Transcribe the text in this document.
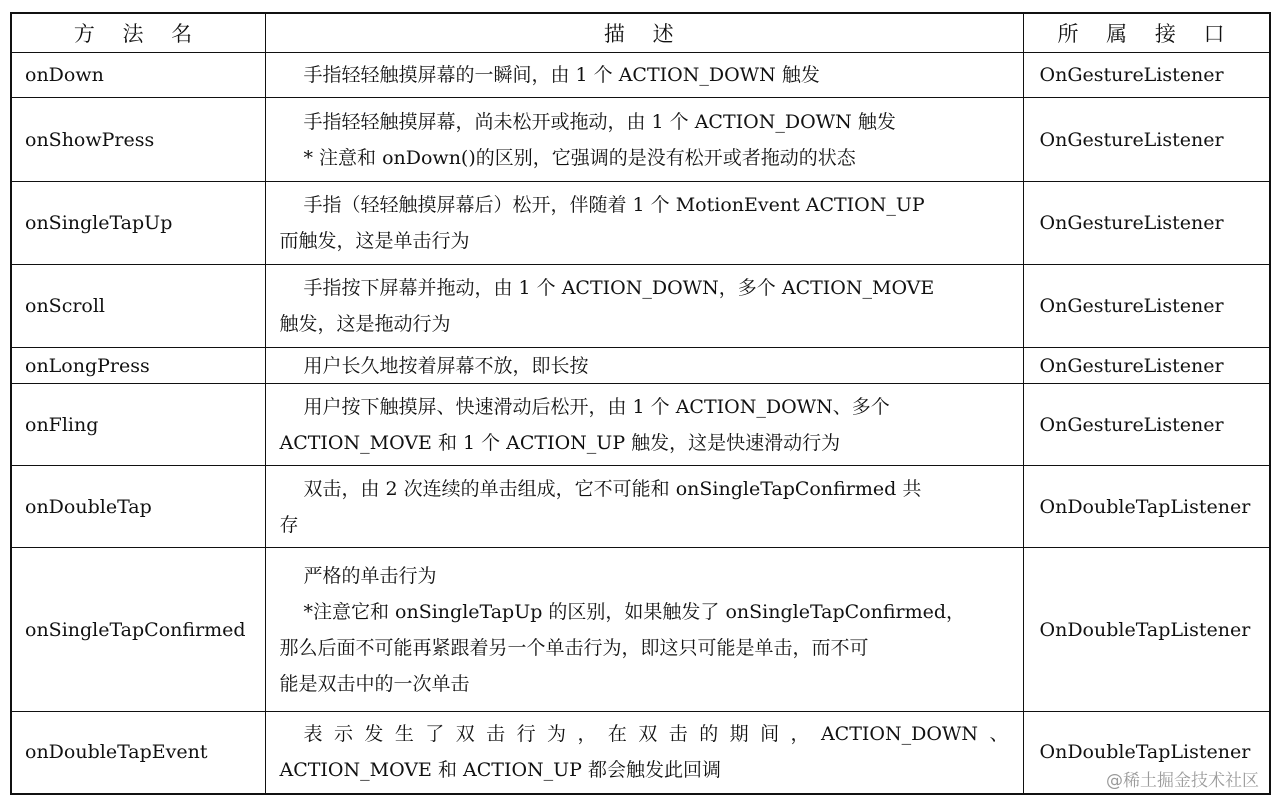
方 法 名	描 述	所 属 接 口
onDown	手指轻轻触摸屏幕的一瞬间，由 1 个 ACTION_DOWN 触发	OnGestureListener
onShowPress	手指轻轻触摸屏幕，尚未松开或拖动，由 1 个 ACTION_DOWN 触发
* 注意和 onDown()的区别，它强调的是没有松开或者拖动的状态	OnGestureListener
onSingleTapUp	手指（轻轻触摸屏幕后）松开，伴随着 1 个 MotionEvent ACTION_UP
而触发，这是单击行为	OnGestureListener
onScroll	手指按下屏幕并拖动，由 1 个 ACTION_DOWN，多个 ACTION_MOVE
触发，这是拖动行为	OnGestureListener
onLongPress	用户长久地按着屏幕不放，即长按	OnGestureListener
onFling	用户按下触摸屏、快速滑动后松开，由 1 个 ACTION_DOWN、多个
ACTION_MOVE 和 1 个 ACTION_UP 触发，这是快速滑动行为	OnGestureListener
onDoubleTap	双击，由 2 次连续的单击组成，它不可能和 onSingleTapConfirmed 共
存	OnDoubleTapListener
onSingleTapConfirmed	严格的单击行为
*注意它和 onSingleTapUp 的区别，如果触发了 onSingleTapConfirmed，
那么后面不可能再紧跟着另一个单击行为，即这只可能是单击，而不可
能是双击中的一次单击	OnDoubleTapListener
onDoubleTapEvent	表示发生了双击行为，在双击的期间，ACTION_DOWN、
ACTION_MOVE 和 ACTION_UP 都会触发此回调	OnDoubleTapListener
@稀土掘金技术社区
